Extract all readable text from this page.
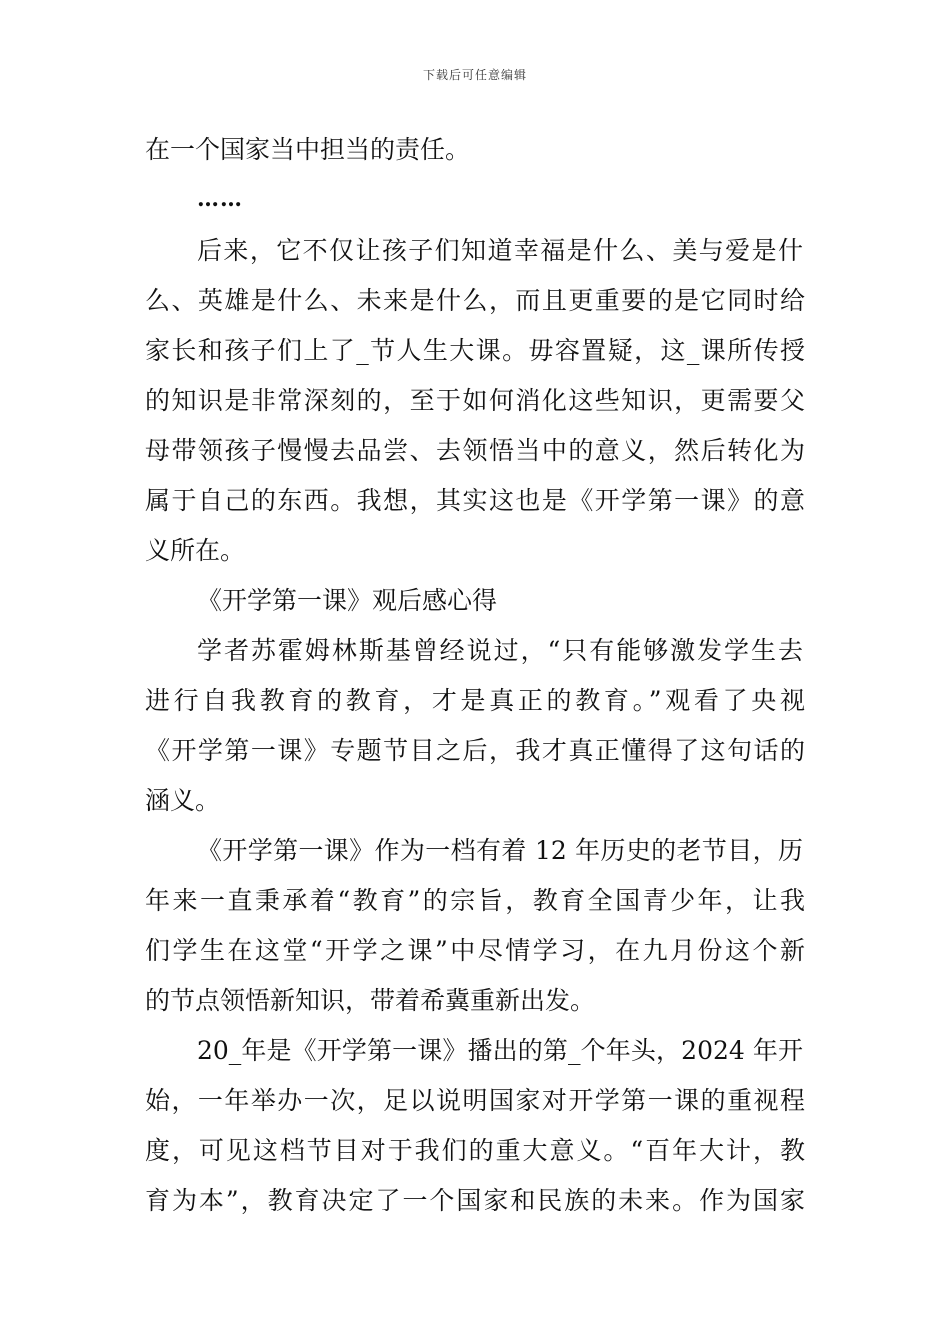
下载后可任意编辑
在一个国家当中担当的责任。
……
后来，它不仅让孩子们知道幸福是什么、美与爱是什
么、英雄是什么、未来是什么，而且更重要的是它同时给
家长和孩子们上了_节人生大课。毋容置疑，这_课所传授
的知识是非常深刻的，至于如何消化这些知识，更需要父
母带领孩子慢慢去品尝、去领悟当中的意义，然后转化为
属于自己的东西。我想，其实这也是《开学第一课》的意
义所在。
《开学第一课》观后感心得
学者苏霍姆林斯基曾经说过，“只有能够激发学生去
进行自我教育的教育，才是真正的教育。”观看了央视
《开学第一课》专题节目之后，我才真正懂得了这句话的
涵义。
《开学第一课》作为一档有着 12 年历史的老节目，历
年来一直秉承着“教育”的宗旨，教育全国青少年，让我
们学生在这堂“开学之课”中尽情学习，在九月份这个新
的节点领悟新知识，带着希冀重新出发。
20_年是《开学第一课》播出的第_个年头，2024 年开
始，一年举办一次，足以说明国家对开学第一课的重视程
度，可见这档节目对于我们的重大意义。“百年大计，教
育为本”，教育决定了一个国家和民族的未来。作为国家
